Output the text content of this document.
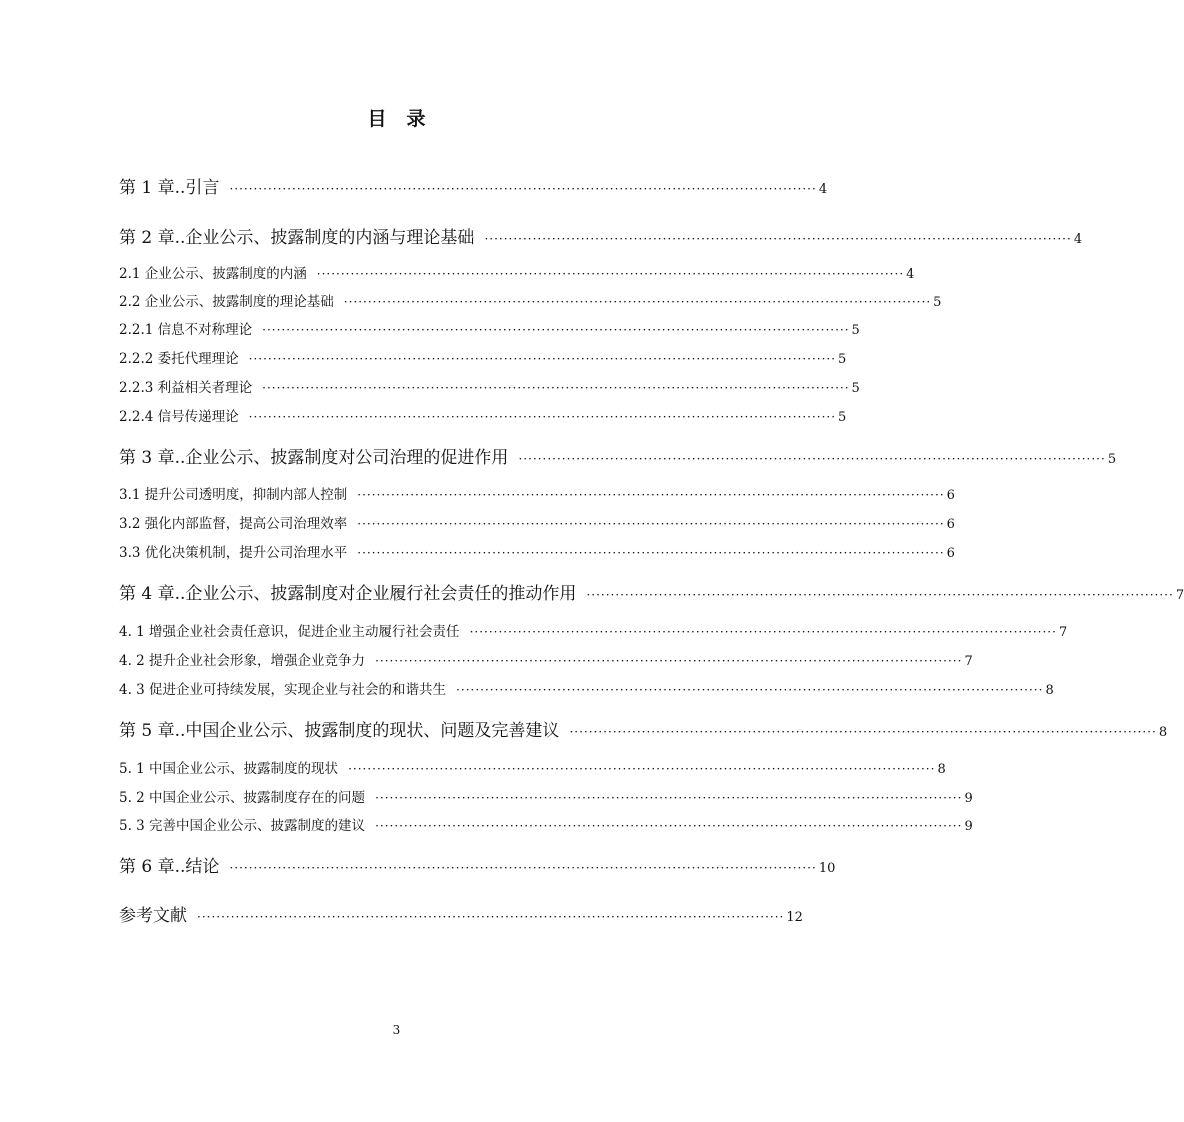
目录
第 1 章..引言 ·························································································································· 4
第 2 章..企业公示、披露制度的内涵与理论基础 ·························································································································· 4
2.1 企业公示、披露制度的内涵 ·························································································································· 4
2.2 企业公示、披露制度的理论基础 ·························································································································· 5
2.2.1 信息不对称理论 ·························································································································· 5
2.2.2 委托代理理论 ·························································································································· 5
2.2.3 利益相关者理论 ·························································································································· 5
2.2.4 信号传递理论 ·························································································································· 5
第 3 章..企业公示、披露制度对公司治理的促进作用 ·························································································································· 5
3.1 提升公司透明度，抑制内部人控制 ·························································································································· 6
3.2 强化内部监督，提高公司治理效率 ·························································································································· 6
3.3 优化决策机制，提升公司治理水平 ·························································································································· 6
第 4 章..企业公示、披露制度对企业履行社会责任的推动作用 ·························································································································· 7
4. 1 增强企业社会责任意识，促进企业主动履行社会责任 ·························································································································· 7
4. 2 提升企业社会形象，增强企业竞争力 ·························································································································· 7
4. 3 促进企业可持续发展，实现企业与社会的和谐共生 ·························································································································· 8
第 5 章..中国企业公示、披露制度的现状、问题及完善建议 ·························································································································· 8
5. 1 中国企业公示、披露制度的现状 ·························································································································· 8
5. 2 中国企业公示、披露制度存在的问题 ·························································································································· 9
5. 3 完善中国企业公示、披露制度的建议 ·························································································································· 9
第 6 章..结论 ·························································································································· 10
参考文献 ·························································································································· 12
3
